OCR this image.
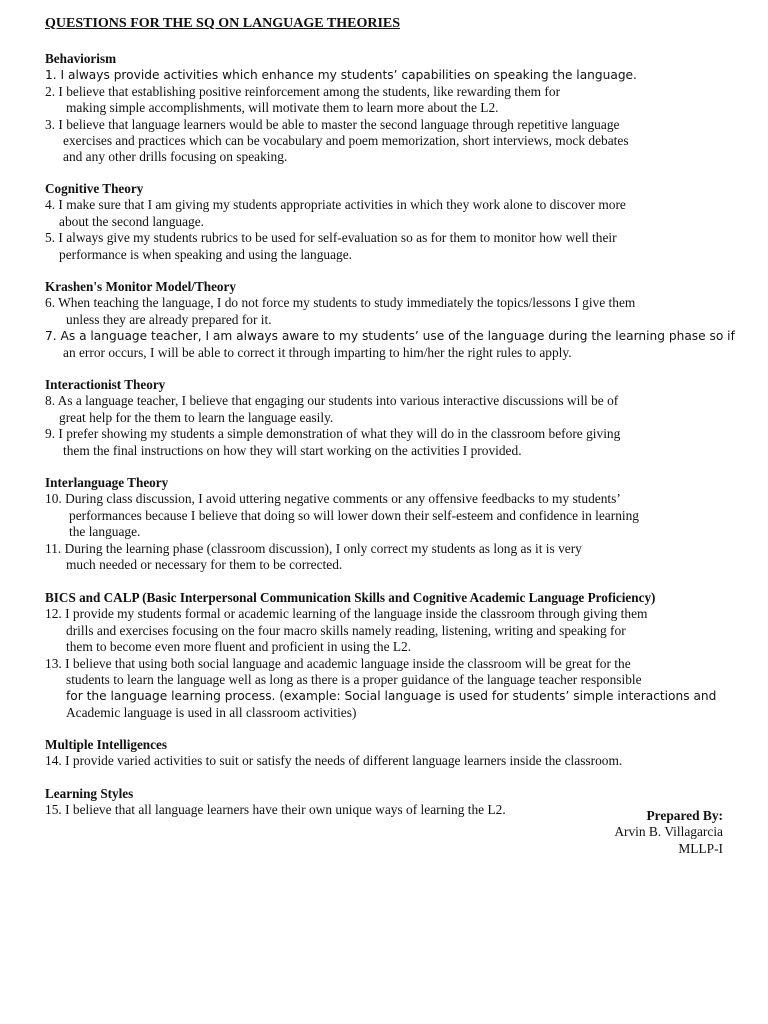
QUESTIONS FOR THE SQ ON LANGUAGE THEORIES
Behaviorism
1. I always provide activities which enhance my students’ capabilities on speaking the language.
2. I believe that establishing positive reinforcement among the students, like rewarding them for
making simple accomplishments, will motivate them to learn more about the L2.
3. I believe that language learners would be able to master the second language through repetitive language
exercises and practices which can be vocabulary and poem memorization, short interviews, mock debates
and any other drills focusing on speaking.
Cognitive Theory
4. I make sure that I am giving my students appropriate activities in which they work alone to discover more
about the second language.
5. I always give my students rubrics to be used for self-evaluation so as for them to monitor how well their
performance is when speaking and using the language.
Krashen's Monitor Model/Theory
6. When teaching the language, I do not force my students to study immediately the topics/lessons I give them
unless they are already prepared for it.
7. As a language teacher, I am always aware to my students’ use of the language during the learning phase so if
an error occurs, I will be able to correct it through imparting to him/her the right rules to apply.
Interactionist Theory
8. As a language teacher, I believe that engaging our students into various interactive discussions will be of
great help for the them to learn the language easily.
9. I prefer showing my students a simple demonstration of what they will do in the classroom before giving
them the final instructions on how they will start working on the activities I provided.
Interlanguage Theory
10. During class discussion, I avoid uttering negative comments or any offensive feedbacks to my students’
performances because I believe that doing so will lower down their self-esteem and confidence in learning
the language.
11. During the learning phase (classroom discussion), I only correct my students as long as it is very
much needed or necessary for them to be corrected.
BICS and CALP (Basic Interpersonal Communication Skills and Cognitive Academic Language Proficiency)
12. I provide my students formal or academic learning of the language inside the classroom through giving them
drills and exercises focusing on the four macro skills namely reading, listening, writing and speaking for
them to become even more fluent and proficient in using the L2.
13. I believe that using both social language and academic language inside the classroom will be great for the
students to learn the language well as long as there is a proper guidance of the language teacher responsible
for the language learning process. (example: Social language is used for students’ simple interactions and
Academic language is used in all classroom activities)
Multiple Intelligences
14. I provide varied activities to suit or satisfy the needs of different language learners inside the classroom.
Learning Styles
15. I believe that all language learners have their own unique ways of learning the L2.	Prepared By:
Arvin B. Villagarcia
MLLP-I
